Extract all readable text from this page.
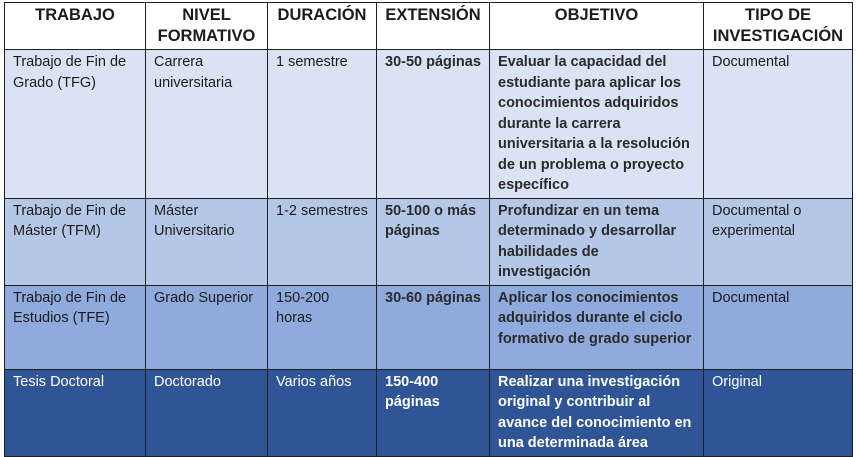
TRABAJO	NIVEL FORMATIVO	DURACIÓN	EXTENSIÓN	OBJETIVO	TIPO DE INVESTIGACIÓN
Trabajo de Fin de Grado (TFG)	Carrera universitaria	1 semestre	30-50 páginas	Evaluar la capacidad del estudiante para aplicar los conocimientos adquiridos durante la carrera universitaria a la resolución de un problema o proyecto específico	Documental
Trabajo de Fin de Máster (TFM)	Máster Universitario	1-2 semestres	50-100 o más páginas	Profundizar en un tema determinado y desarrollar habilidades de investigación	Documental o experimental
Trabajo de Fin de Estudios (TFE)	Grado Superior	150-200 horas	30-60 páginas	Aplicar los conocimientos adquiridos durante el ciclo formativo de grado superior	Documental
Tesis Doctoral	Doctorado	Varios años	150-400 páginas	Realizar una investigación original y contribuir al avance del conocimiento en una determinada área	Original
